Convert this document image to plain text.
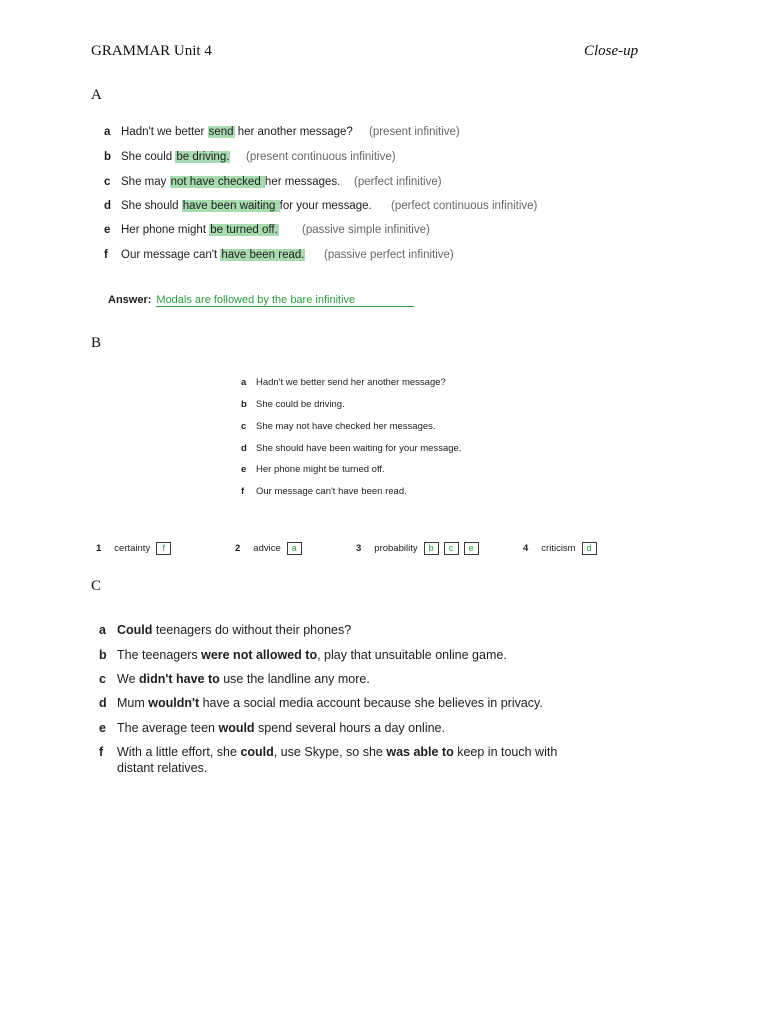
GRAMMAR Unit 4	Close-up
A
a Hadn't we better send her another message? (present infinitive)
b She could be driving. (present continuous infinitive)
c She may not have checked her messages. (perfect infinitive)
d She should have been waiting for your message. (perfect continuous infinitive)
e Her phone might be turned off. (passive simple infinitive)
f	Our message can't have been read. (passive perfect infinitive)
Answer: Modals are followed by the bare infinitive
B
a Hadn't we better send her another message?
b She could be driving.
c She may not have checked her messages.
d She should have been waiting for your message.
e Her phone might be turned off.
f Our message can't have been read.
1 certainty f	2 advice a	3 probability b c e	4 criticism d
C
a Could teenagers do without their phones?
b The teenagers were not allowed to, play that unsuitable online game.
c We didn't have to use the landline any more.
d Mum wouldn't have a social media account because she believes in privacy.
e The average teen would spend several hours a day online.
f With a little effort, she could, use Skype, so she was able to keep in touch with
distant relatives.
